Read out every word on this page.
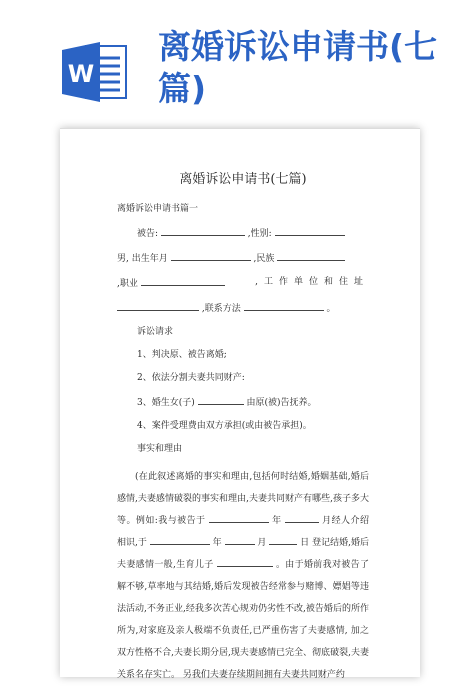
W
离婚诉讼申请书(七篇)
离婚诉讼申请书(七篇)
离婚诉讼申请书篇一
被告:	,性别:
男, 出生年月	,民族
,职业	,工作单位和住址
,联系方法	。
诉讼请求
1、判决原、被告离婚;
2、依法分割夫妻共同财产:
3、婚生女(子)	由原(被)告抚养。
4、案件受理费由双方承担(或由被告承担)。
事实和理由

(在此叙述离婚的事实和理由,包括何时结婚,婚姻基础,婚后感情,夫妻感情破裂的事实和理由,夫妻共同财产有哪些,孩子多大等。例如:我与被告于	年	月经人介绍相识,于	年	月	日 登记结婚,婚后夫妻感情一般,生育儿子	。由于婚前我对被告了解不够,草率地与其结婚,婚后发现被告经常参与赌博、嫖娼等违法活动,不务正业,经我多次苦心规劝仍劣性不改,被告婚后的所作所为,对家庭及亲人极端不负责任,已严重伤害了夫妻感情, 加之双方性格不合,夫妻长期分居,现夫妻感情已完全、彻底破裂,夫妻关系名存实亡。 另我们夫妻存续期间拥有夫妻共同财产约
